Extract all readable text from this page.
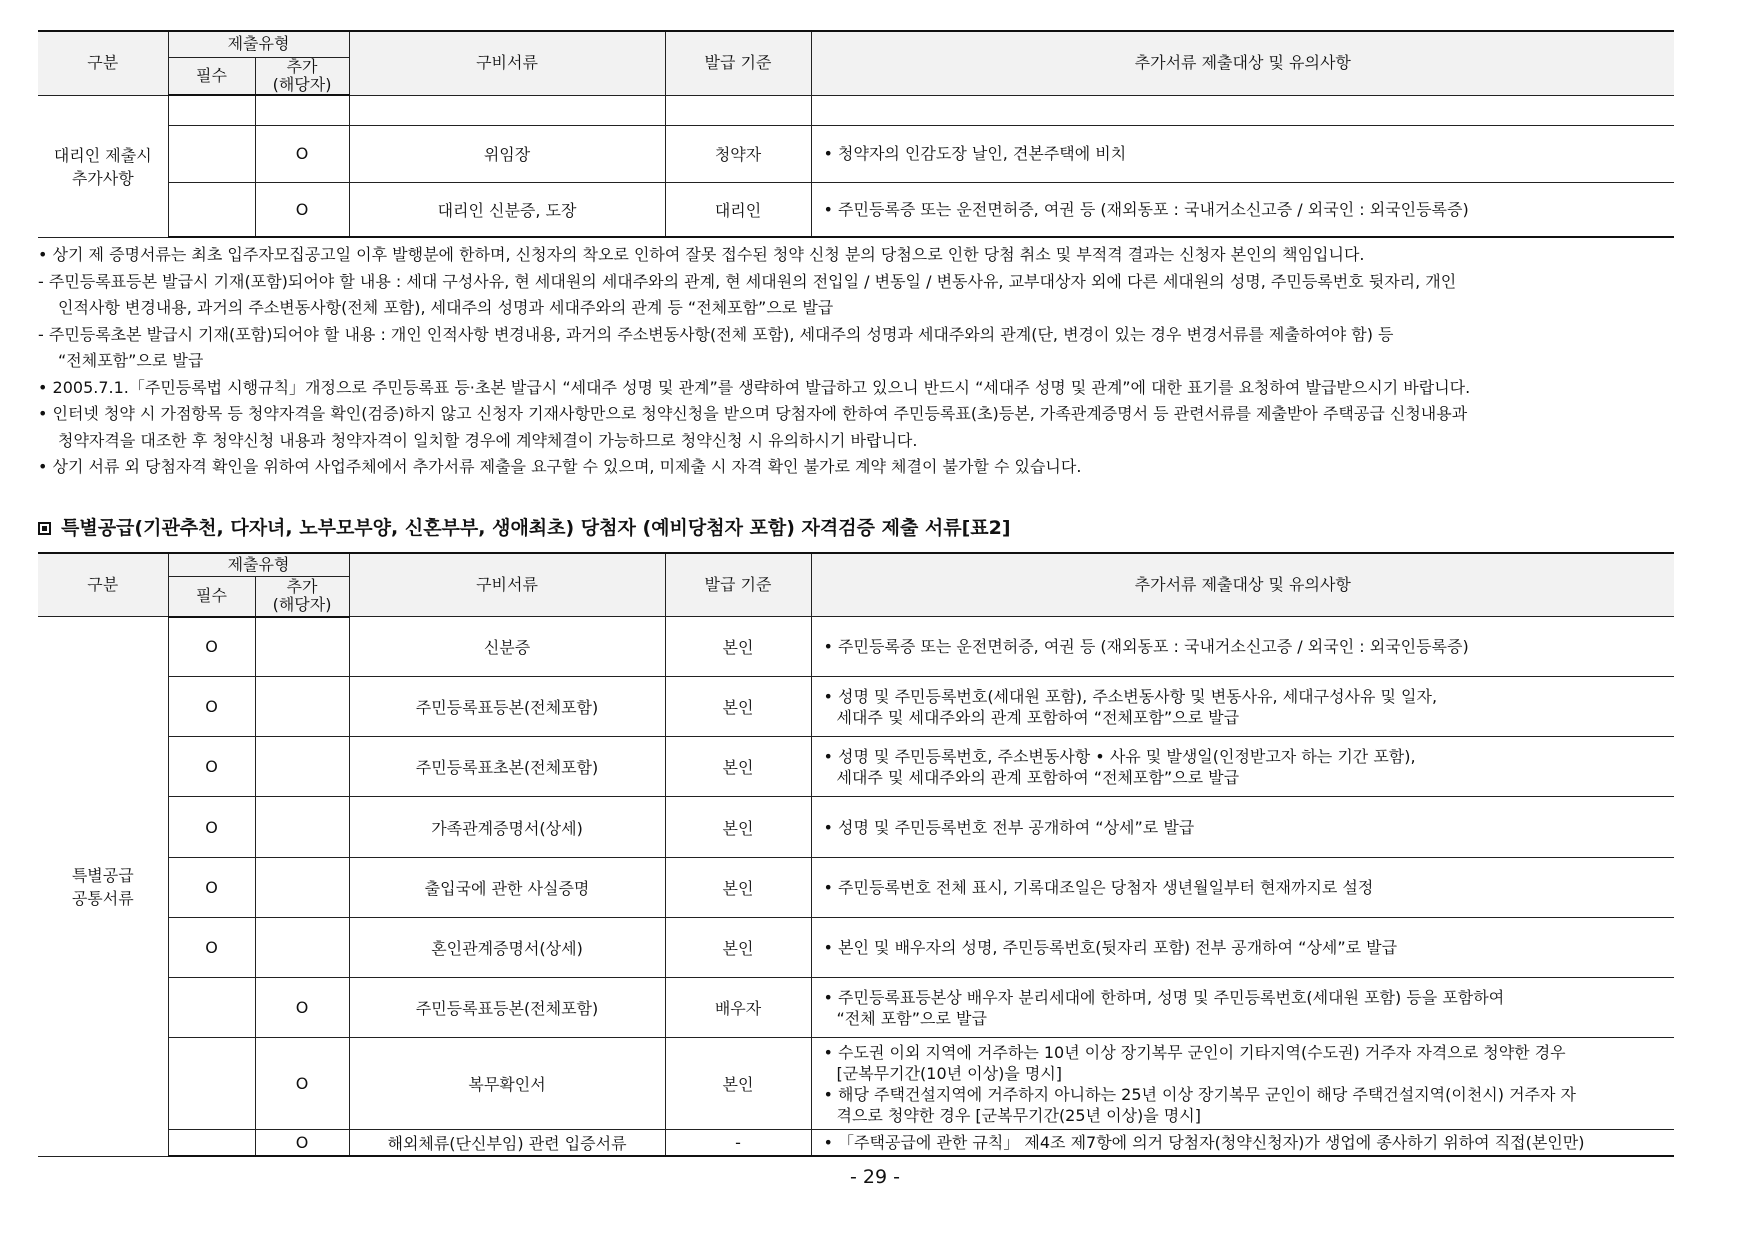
구분	제출유형		구비서류	발급 기준	추가서류 제출대상 및 유의사항
	필수	추가
(해당자)			

대리인 제출시
추가사항					

		O	위임장	청약자	• 청약자의 인감도장 날인, 견본주택에 비치

		O	대리인 신분증, 도장	대리인	• 주민등록증 또는 운전면허증, 여권 등 (재외동포 : 국내거소신고증 / 외국인 : 외국인등록증)
• 상기 제 증명서류는 최초 입주자모집공고일 이후 발행분에 한하며, 신청자의 착오로 인하여 잘못 접수된 청약 신청 분의 당첨으로 인한 당첨 취소 및 부적격 결과는 신청자 본인의 책임입니다.
- 주민등록표등본 발급시 기재(포함)되어야 할 내용 : 세대 구성사유, 현 세대원의 세대주와의 관계, 현 세대원의 전입일 / 변동일 / 변동사유, 교부대상자 외에 다른 세대원의 성명, 주민등록번호 뒷자리, 개인
인적사항 변경내용, 과거의 주소변동사항(전체 포함), 세대주의 성명과 세대주와의 관계 등 “전체포함”으로 발급
- 주민등록초본 발급시 기재(포함)되어야 할 내용 : 개인 인적사항 변경내용, 과거의 주소변동사항(전체 포함), 세대주의 성명과 세대주와의 관계(단, 변경이 있는 경우 변경서류를 제출하여야 함) 등
“전체포함”으로 발급
• 2005.7.1.「주민등록법 시행규칙」개정으로 주민등록표 등·초본 발급시 “세대주 성명 및 관계”를 생략하여 발급하고 있으니 반드시 “세대주 성명 및 관계”에 대한 표기를 요청하여 발급받으시기 바랍니다.
• 인터넷 청약 시 가점항목 등 청약자격을 확인(검증)하지 않고 신청자 기재사항만으로 청약신청을 받으며 당첨자에 한하여 주민등록표(초)등본, 가족관계증명서 등 관련서류를 제출받아 주택공급 신청내용과
청약자격을 대조한 후 청약신청 내용과 청약자격이 일치할 경우에 계약체결이 가능하므로 청약신청 시 유의하시기 바랍니다.
• 상기 서류 외 당첨자격 확인을 위하여 사업주체에서 추가서류 제출을 요구할 수 있으며, 미제출 시 자격 확인 불가로 계약 체결이 불가할 수 있습니다.
특별공급(기관추천, 다자녀, 노부모부양, 신혼부부, 생애최초) 당첨자 (예비당첨자 포함) 자격검증 제출 서류[표2]
구분	제출유형		구비서류	발급 기준	추가서류 제출대상 및 유의사항
	필수	추가
(해당자)			

특별공급
공통서류	O		신분증	본인	• 주민등록증 또는 운전면허증, 여권 등 (재외동포 : 국내거소신고증 / 외국인 : 외국인등록증)

	O		주민등록표등본(전체포함)	본인	• 성명 및 주민등록번호(세대원 포함), 주소변동사항 및 변동사유, 세대구성사유 및 일자,
세대주 및 세대주와의 관계 포함하여 “전체포함”으로 발급

	O		주민등록표초본(전체포함)	본인	• 성명 및 주민등록번호, 주소변동사항 • 사유 및 발생일(인정받고자 하는 기간 포함),
세대주 및 세대주와의 관계 포함하여 “전체포함”으로 발급

	O		가족관계증명서(상세)	본인	• 성명 및 주민등록번호 전부 공개하여 “상세”로 발급

	O		출입국에 관한 사실증명	본인	• 주민등록번호 전체 표시, 기록대조일은 당첨자 생년월일부터 현재까지로 설정

	O		혼인관계증명서(상세)	본인	• 본인 및 배우자의 성명, 주민등록번호(뒷자리 포함) 전부 공개하여 “상세”로 발급

		O	주민등록표등본(전체포함)	배우자	• 주민등록표등본상 배우자 분리세대에 한하며, 성명 및 주민등록번호(세대원 포함) 등을 포함하여
“전체 포함”으로 발급

		O	복무확인서	본인	• 수도권 이외 지역에 거주하는 10년 이상 장기복무 군인이 기타지역(수도권) 거주자 자격으로 청약한 경우
[군복무기간(10년 이상)을 명시]
• 해당 주택건설지역에 거주하지 아니하는 25년 이상 장기복무 군인이 해당 주택건설지역(이천시) 거주자 자
격으로 청약한 경우 [군복무기간(25년 이상)을 명시]

		O	해외체류(단신부임) 관련 입증서류	-	• 「주택공급에 관한 규칙」 제4조 제7항에 의거 당첨자(청약신청자)가 생업에 종사하기 위하여 직접(본인만)
- 29 -
